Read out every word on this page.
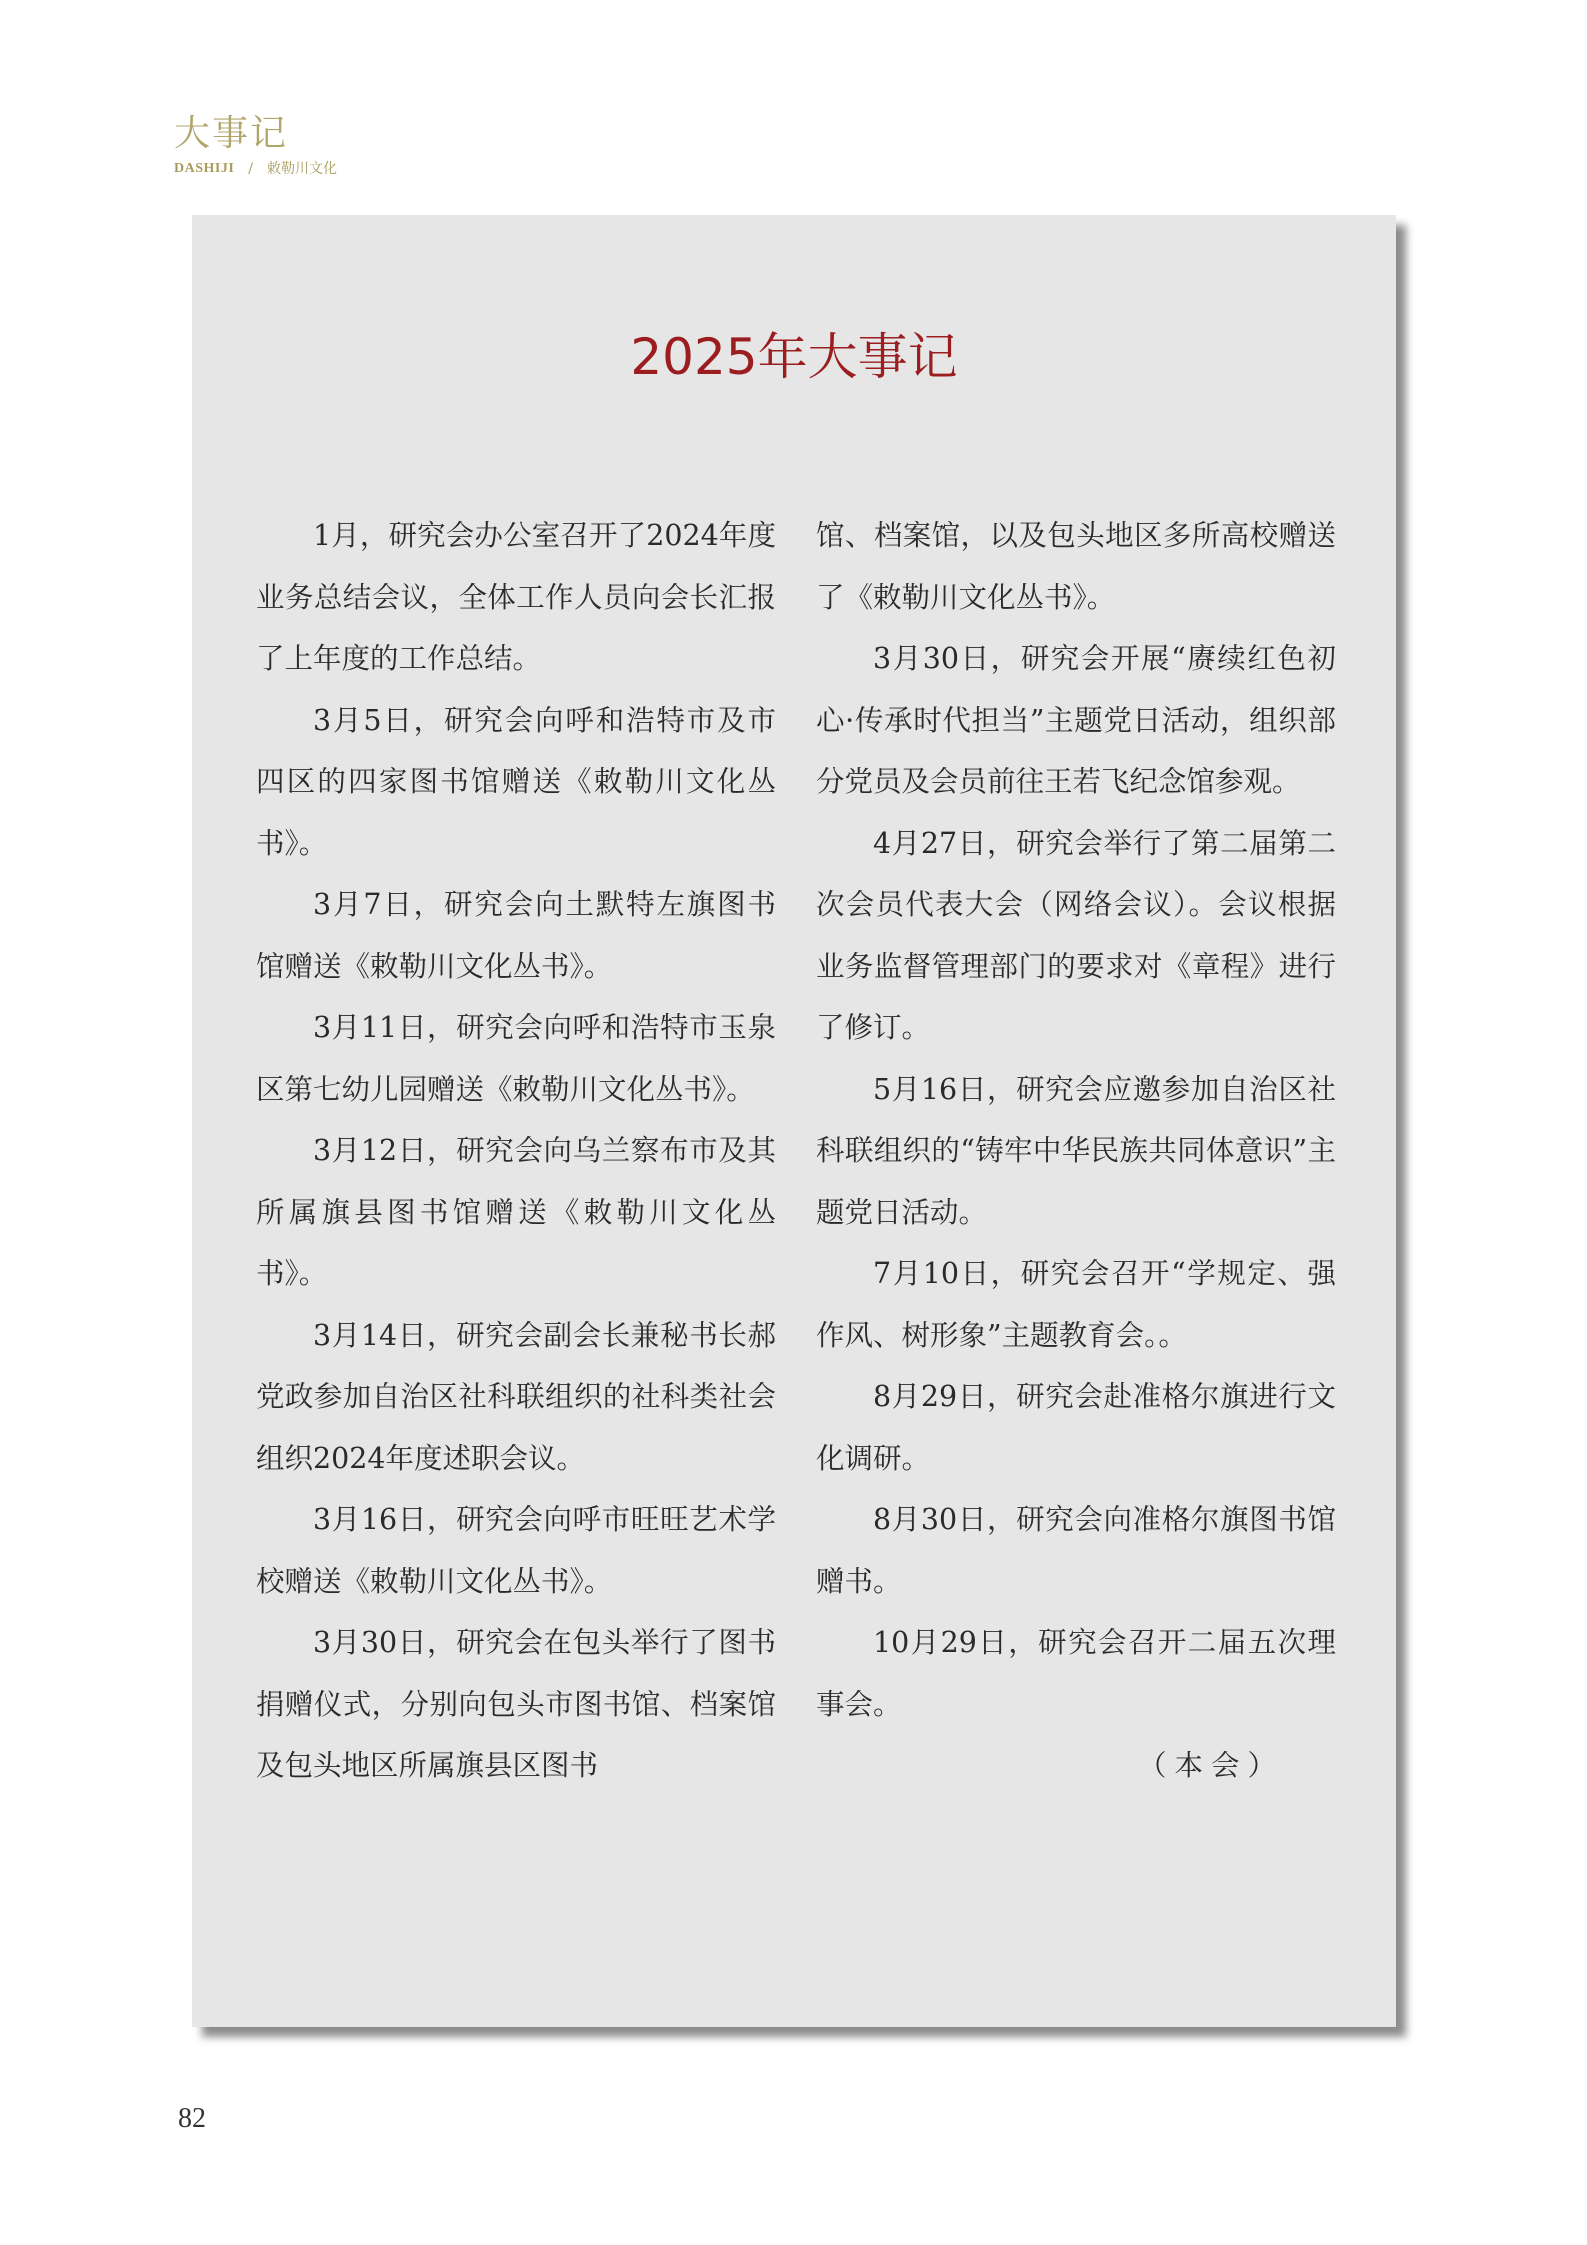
大事记
DASHIJI / 敕勒川文化
2025年大事记

1月，研究会办公室召开了2024年度业务总结会议，全体工作人员向会长汇报了上年度的工作总结。

3月5日，研究会向呼和浩特市及市四区的四家图书馆赠送《敕勒川文化丛书》。

3月7日，研究会向土默特左旗图书馆赠送《敕勒川文化丛书》。

3月11日，研究会向呼和浩特市玉泉区第七幼儿园赠送《敕勒川文化丛书》。

3月12日，研究会向乌兰察布市及其所属旗县图书馆赠送《敕勒川文化丛书》。

3月14日，研究会副会长兼秘书长郝党政参加自治区社科联组织的社科类社会组织2024年度述职会议。

3月16日，研究会向呼市旺旺艺术学校赠送《敕勒川文化丛书》。

3月30日，研究会在包头举行了图书捐赠仪式，分别向包头市图书馆、档案馆及包头地区所属旗县区图书

馆、档案馆，以及包头地区多所高校赠送了《敕勒川文化丛书》。

3月30日，研究会开展“赓续红色初心·传承时代担当”主题党日活动，组织部分党员及会员前往王若飞纪念馆参观。

4月27日，研究会举行了第二届第二次会员代表大会（网络会议）。会议根据业务监督管理部门的要求对《章程》进行了修订。

5月16日，研究会应邀参加自治区社科联组织的“铸牢中华民族共同体意识”主题党日活动。

7月10日，研究会召开“学规定、强作风、树形象”主题教育会。。

8月29日，研究会赴准格尔旗进行文化调研。

8月30日，研究会向准格尔旗图书馆赠书。

10月29日，研究会召开二届五次理事会。

（本会）

82
